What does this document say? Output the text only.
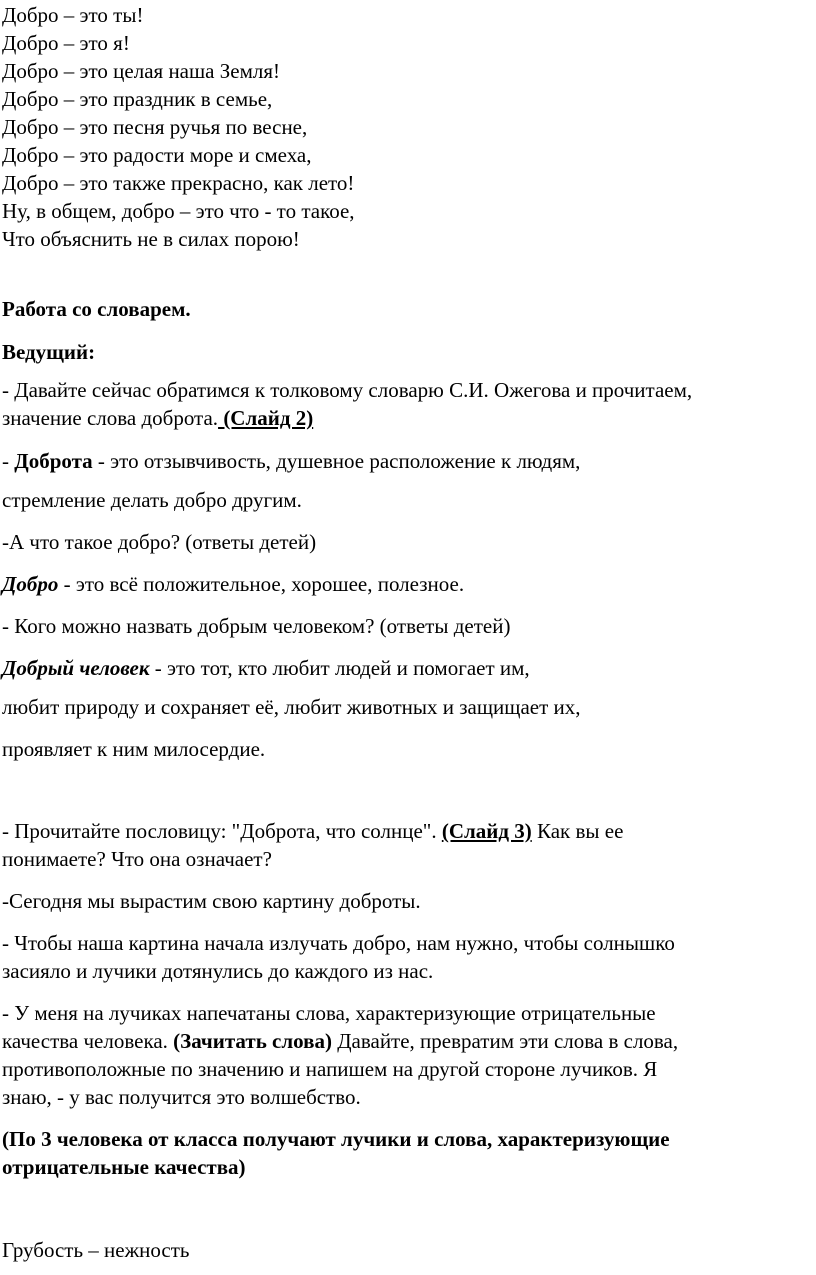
Добро – это ты!
Добро – это я!
Добро – это целая наша Земля!
Добро – это праздник в семье,
Добро – это песня ручья по весне,
Добро – это радости море и смеха,
Добро – это также прекрасно, как лето!
Ну, в общем, добро – это что - то такое,
Что объяснить не в силах порою!
Работа со словарем.
Ведущий:
- Давайте сейчас обратимся к толковому словарю С.И. Ожегова и прочитаем,
значение слова доброта. (Слайд 2)
- Доброта - это отзывчивость, душевное расположение к людям,
стремление делать добро другим.
-А что такое добро? (ответы детей)
Добро - это всё положительное, хорошее, полезное.
- Кого можно назвать добрым человеком? (ответы детей)
Добрый человек - это тот, кто любит людей и помогает им,
любит природу и сохраняет её, любит животных и защищает их,
проявляет к ним милосердие.
- Прочитайте пословицу: "Доброта, что солнце". (Слайд 3) Как вы ее
понимаете? Что она означает?
-Сегодня мы вырастим свою картину доброты.
- Чтобы наша картина начала излучать добро, нам нужно, чтобы солнышко
засияло и лучики дотянулись до каждого из нас.
- У меня на лучиках напечатаны слова, характеризующие отрицательные
качества человека. (Зачитать слова) Давайте, превратим эти слова в слова,
противоположные по значению и напишем на другой стороне лучиков. Я
знаю, - у вас получится это волшебство.
(По 3 человека от класса получают лучики и слова, характеризующие
отрицательные качества)
Грубость – нежность
